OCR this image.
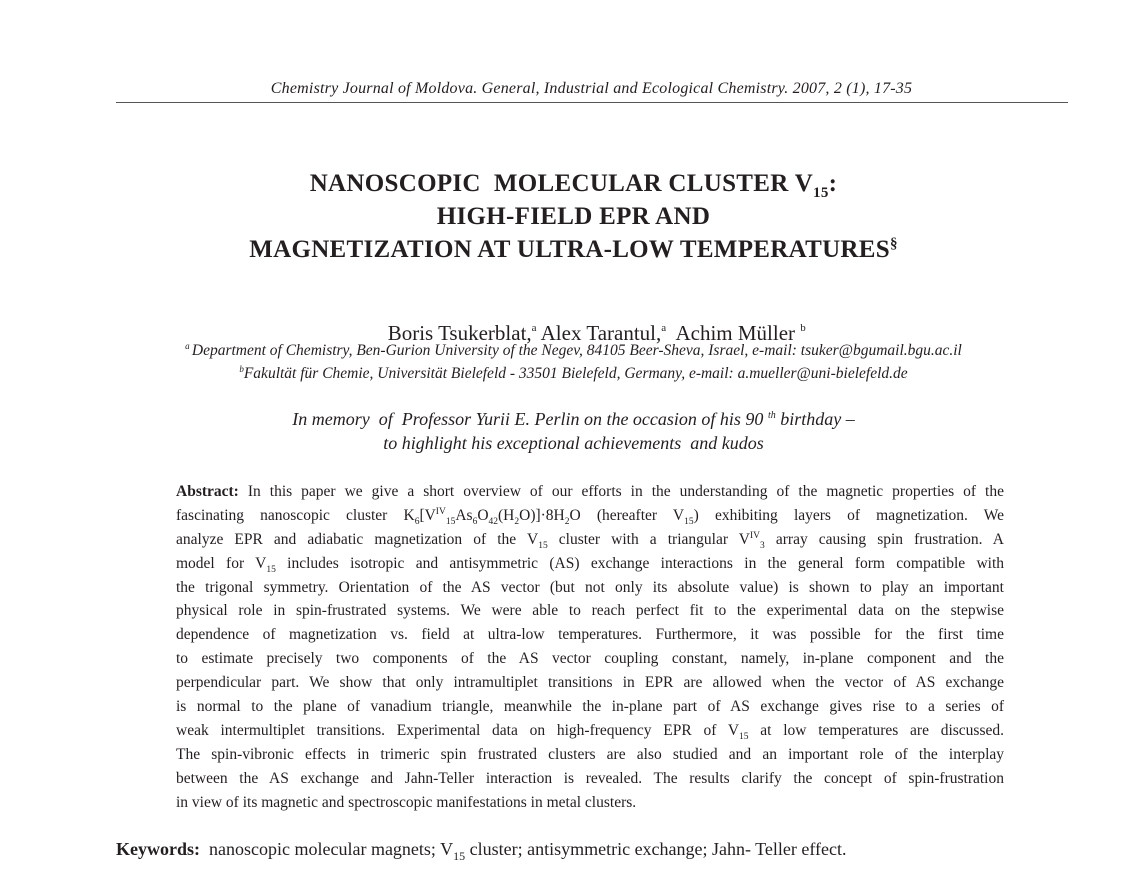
Chemistry Journal of Moldova. General, Industrial and Ecological Chemistry. 2007, 2 (1), 17-35
NANOSCOPIC  MOLECULAR CLUSTER $V_{15}$:
HIGH-FIELD EPR AND
MAGNETIZATION AT ULTRA-LOW TEMPERATURES§

Boris Tsukerblat,$^a$ Alex Tarantul,$^a$  Achim Müller $^b$

$^a$ Department of Chemistry, Ben-Gurion University of the Negev, 84105 Beer-Sheva, Israel, e-mail: tsuker@bgumail.bgu.ac.il
$^b$Fakultät für Chemie, Universität Bielefeld - 33501 Bielefeld, Germany, e-mail: a.mueller@uni-bielefeld.de
In memory  of  Professor Yurii E. Perlin on the occasion of his 90 $^{th}$ birthday –
to highlight his exceptional achievements  and kudos
Abstract: In this paper we give a short overview of our efforts in the understanding of the magnetic properties of the
fascinating nanoscopic cluster $K_6[V^{IV}_{15}As_6O_{42}(H_2O)]\cdot 8H_2O$ (hereafter $V_{15}$) exhibiting layers of magnetization. We
analyze EPR and adiabatic magnetization of the $V_{15}$ cluster with a triangular $V^{IV}_3$ array causing spin frustration. A
model for $V_{15}$ includes isotropic and antisymmetric (AS) exchange interactions in the general form compatible with
the trigonal symmetry. Orientation of the AS vector (but not only its absolute value) is shown to play an important
physical role in spin-frustrated systems. We were able to reach perfect fit to the experimental data on the stepwise
dependence of magnetization vs. field at ultra-low temperatures. Furthermore, it was possible for the first time
to estimate precisely two components of the AS vector coupling constant, namely, in-plane component and the
perpendicular part. We show that only intramultiplet transitions in EPR are allowed when the vector of AS exchange
is normal to the plane of vanadium triangle, meanwhile the in-plane part of AS exchange gives rise to a series of
weak intermultiplet transitions. Experimental data on high-frequency EPR of $V_{15}$ at low temperatures are discussed.
The spin-vibronic effects in trimeric spin frustrated clusters are also studied and an important role of the interplay
between the AS exchange and Jahn-Teller interaction is revealed. The results clarify the concept of spin-frustration
in view of its magnetic and spectroscopic manifestations in metal clusters.
Keywords:  nanoscopic molecular magnets; $V_{15}$ cluster; antisymmetric exchange; Jahn- Teller effect.
